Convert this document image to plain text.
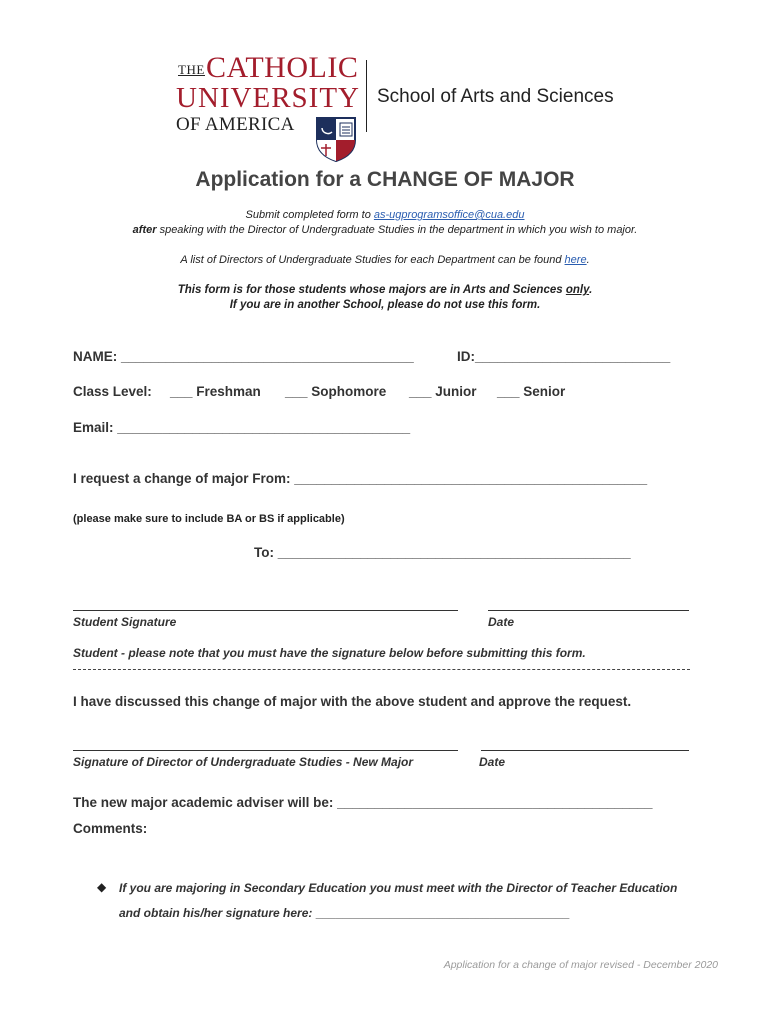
THE CATHOLIC
UNIVERSITY
OF AMERICA
School of Arts and Sciences
Application for a CHANGE OF MAJOR
Submit completed form to as-ugprogramsoffice@cua.edu
after speaking with the Director of Undergraduate Studies in the department in which you wish to major.
A list of Directors of Undergraduate Studies for each Department can be found here.
This form is for those students whose majors are in Arts and Sciences only.
If you are in another School, please do not use this form.
NAME: _______________________________________	ID:__________________________
Class Level: ___ Freshman ___ Sophomore ___ Junior ___ Senior
Email: _______________________________________
I request a change of major From: _______________________________________________
(please make sure to include BA or BS if applicable)
To: _______________________________________________
Student Signature	Date
Student - please note that you must have the signature below before submitting this form.
I have discussed this change of major with the above student and approve the request.
Signature of Director of Undergraduate Studies - New Major	Date
The new major academic adviser will be: __________________________________________
Comments:
◆ If you are majoring in Secondary Education you must meet with the Director of Teacher Education
and obtain his/her signature here: ______________________________________
Application for a change of major revised - December 2020
